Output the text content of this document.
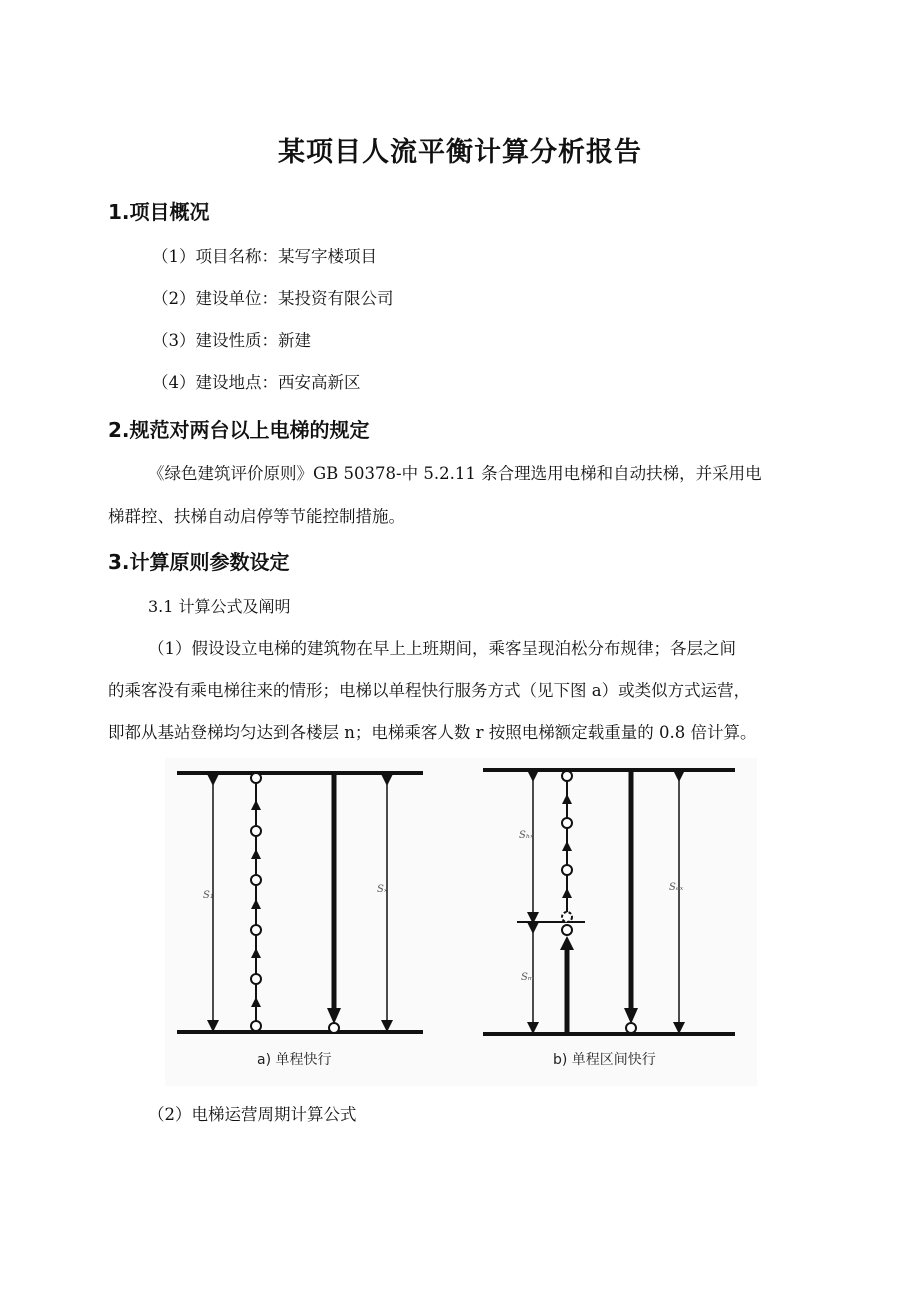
某项目人流平衡计算分析报告
1.项目概况
（1）项目名称：某写字楼项目
（2）建设单位：某投资有限公司
（3）建设性质：新建
（4）建设地点：西安高新区
2.规范对两台以上电梯的规定
《绿色建筑评价原则》GB 50378-中 5.2.11 条合理选用电梯和自动扶梯，并采用电
梯群控、扶梯自动启停等节能控制措施。
3.计算原则参数设定
3.1 计算公式及阐明
（1）假设设立电梯的建筑物在早上上班期间，乘客呈现泊松分布规律；各层之间
的乘客没有乘电梯往来的情形；电梯以单程快行服务方式（见下图 a）或类似方式运营，
即都从基站登梯均匀达到各楼层 n；电梯乘客人数 r 按照电梯额定载重量的 0.8 倍计算。
S₁
Sₓ
a) 单程快行
Sₕₓ
Sₘ
Sₑₓ
b) 单程区间快行
（2）电梯运营周期计算公式
